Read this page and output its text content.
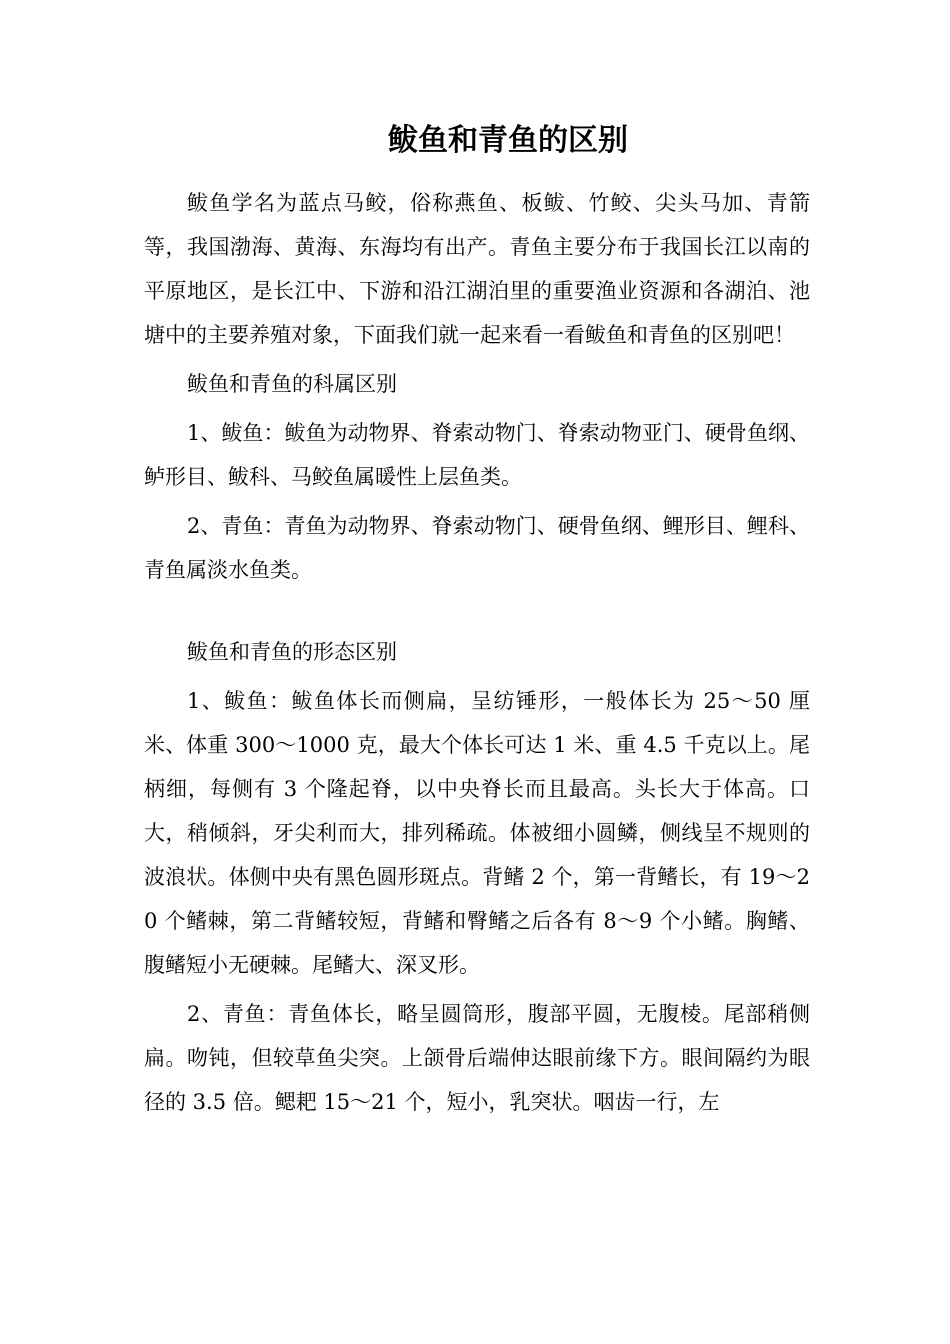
鲅鱼和青鱼的区别

鲅鱼学名为蓝点马鲛，俗称燕鱼、板鲅、竹鲛、尖头马加、青箭等，我国渤海、黄海、东海均有出产。青鱼主要分布于我国长江以南的平原地区，是长江中、下游和沿江湖泊里的重要渔业资源和各湖泊、池塘中的主要养殖对象，下面我们就一起来看一看鲅鱼和青鱼的区别吧！

鲅鱼和青鱼的科属区别

1、鲅鱼：鲅鱼为动物界、脊索动物门、脊索动物亚门、硬骨鱼纲、鲈形目、鲅科、马鲛鱼属暖性上层鱼类。

2、青鱼：青鱼为动物界、脊索动物门、硬骨鱼纲、鲤形目、鲤科、青鱼属淡水鱼类。

鲅鱼和青鱼的形态区别

1、鲅鱼：鲅鱼体长而侧扁，呈纺锤形，一般体长为 25～50 厘米、体重 300～1000 克，最大个体长可达 1 米、重 4.5 千克以上。尾柄细，每侧有 3 个隆起脊，以中央脊长而且最高。头长大于体高。口大，稍倾斜，牙尖利而大，排列稀疏。体被细小圆鳞，侧线呈不规则的波浪状。体侧中央有黑色圆形斑点。背鳍 2 个，第一背鳍长，有 19～20 个鳍棘，第二背鳍较短，背鳍和臀鳍之后各有 8～9 个小鳍。胸鳍、腹鳍短小无硬棘。尾鳍大、深叉形。

2、青鱼：青鱼体长，略呈圆筒形，腹部平圆，无腹棱。尾部稍侧扁。吻钝，但较草鱼尖突。上颌骨后端伸达眼前缘下方。眼间隔约为眼径的 3.5 倍。鳃耙 15～21 个，短小，乳突状。咽齿一行，左
